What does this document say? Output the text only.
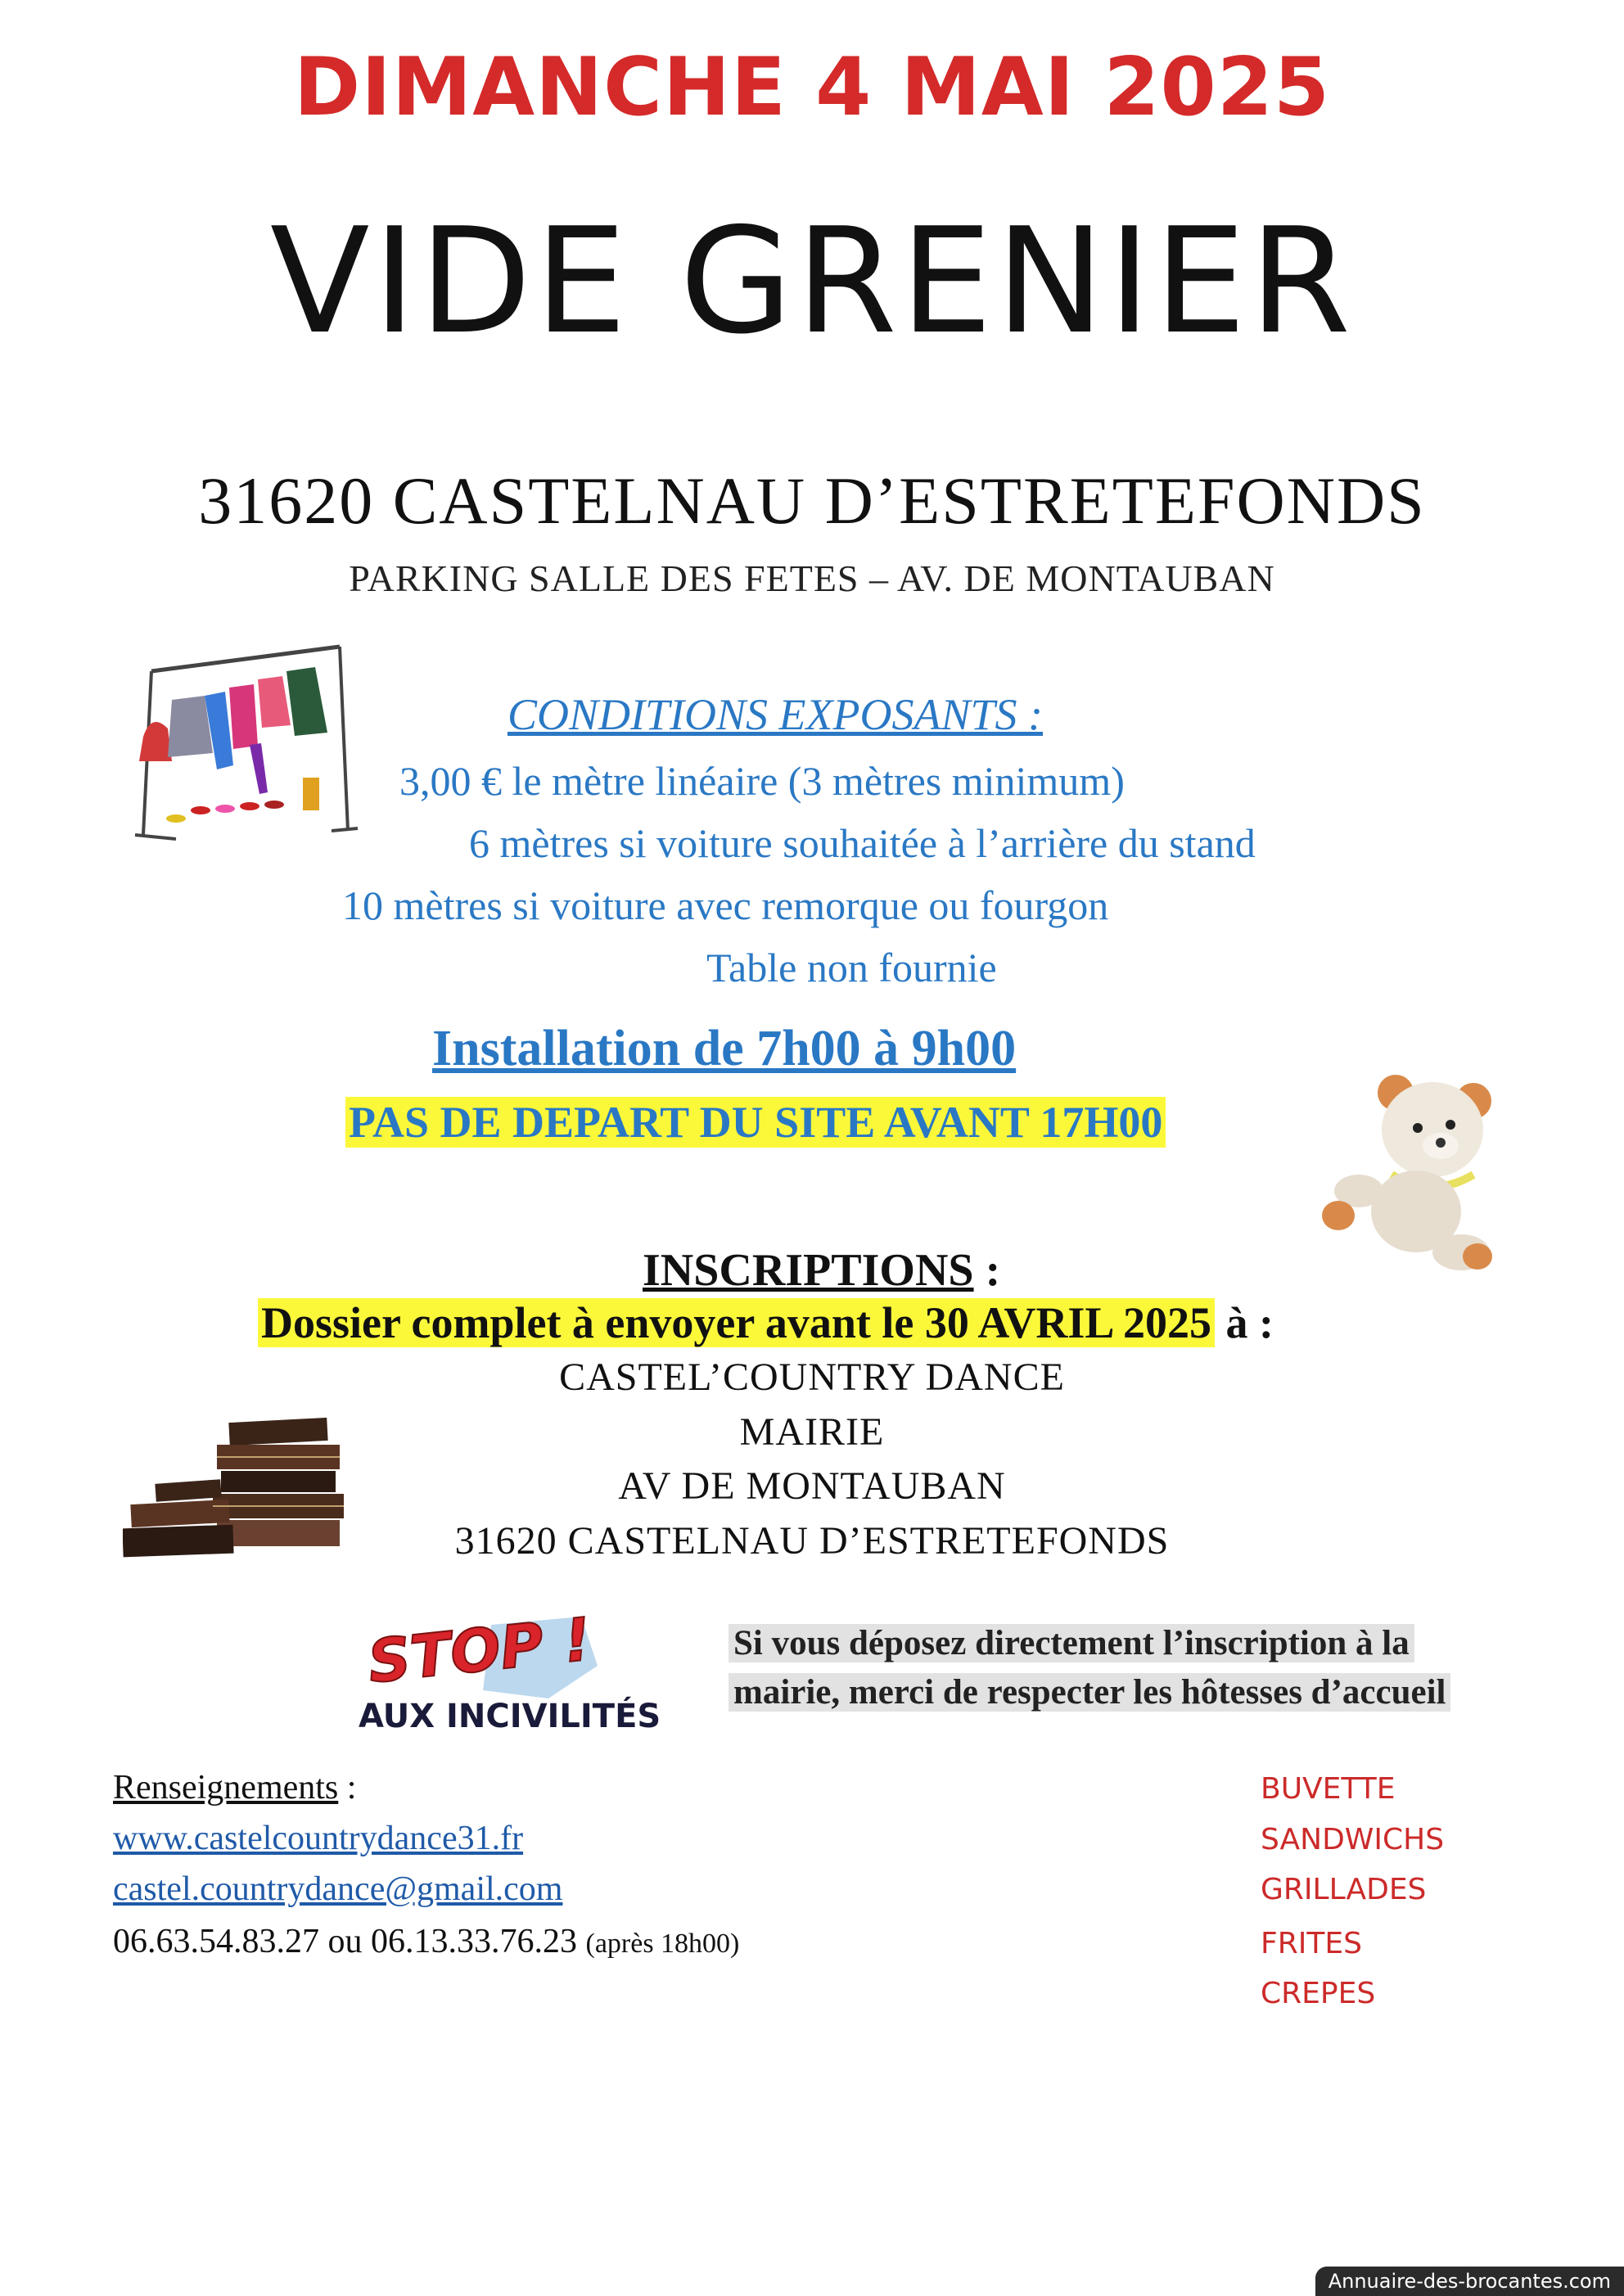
DIMANCHE 4 MAI 2025
VIDE GRENIER
31620 CASTELNAU D’ESTRETEFONDS
PARKING SALLE DES FETES – AV. DE MONTAUBAN
CONDITIONS EXPOSANTS :
3,00 € le mètre linéaire (3 mètres minimum)
6 mètres si voiture souhaitée à l’arrière du stand
10 mètres si voiture avec remorque ou fourgon
Table non fournie
Installation de 7h00 à 9h00
PAS DE DEPART DU SITE AVANT 17H00
INSCRIPTIONS :
Dossier complet à envoyer avant le 30 AVRIL 2025 à :
CASTEL’COUNTRY DANCE
MAIRIE
AV DE MONTAUBAN
31620 CASTELNAU D’ESTRETEFONDS
STOP !
AUX INCIVILITÉS
Si vous déposez directement l’inscription à la
mairie, merci de respecter les hôtesses d’accueil
Renseignements :
www.castelcountrydance31.fr
castel.countrydance@gmail.com
06.63.54.83.27 ou 06.13.33.76.23 (après 18h00)
BUVETTE
SANDWICHS
GRILLADES
FRITES
CREPES
Annuaire-des-brocantes.com
